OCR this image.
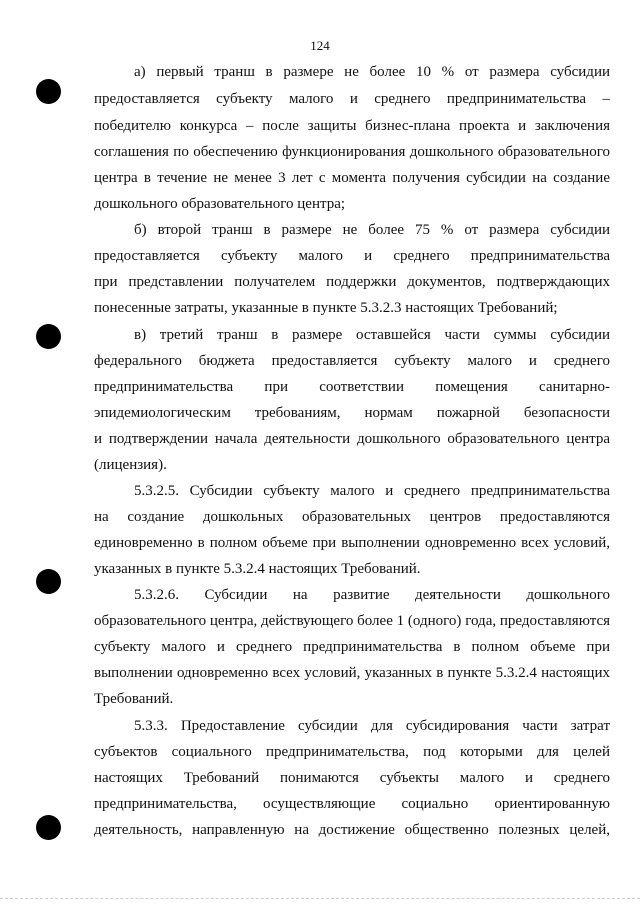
124
а) первый транш в размере не более 10 % от размера субсидии
предоставляется субъекту малого и среднего предпринимательства –
победителю конкурса – после защиты бизнес-плана проекта и заключения
соглашения по обеспечению функционирования дошкольного образовательного
центра в течение не менее 3 лет с момента получения субсидии на создание
дошкольного образовательного центра;
б) второй транш в размере не более 75 % от размера субсидии
предоставляется субъекту малого и среднего предпринимательства
при представлении получателем поддержки документов, подтверждающих
понесенные затраты, указанные в пункте 5.3.2.3 настоящих Требований;
в) третий транш в размере оставшейся части суммы субсидии
федерального бюджета предоставляется субъекту малого и среднего
предпринимательства при соответствии помещения санитарно-
эпидемиологическим требованиям, нормам пожарной безопасности
и подтверждении начала деятельности дошкольного образовательного центра
(лицензия).
5.3.2.5. Субсидии субъекту малого и среднего предпринимательства
на создание дошкольных образовательных центров предоставляются
единовременно в полном объеме при выполнении одновременно всех условий,
указанных в пункте 5.3.2.4 настоящих Требований.
5.3.2.6. Субсидии на развитие деятельности дошкольного
образовательного центра, действующего более 1 (одного) года, предоставляются
субъекту малого и среднего предпринимательства в полном объеме при
выполнении одновременно всех условий, указанных в пункте 5.3.2.4 настоящих
Требований.
5.3.3. Предоставление субсидии для субсидирования части затрат
субъектов социального предпринимательства, под которыми для целей
настоящих Требований понимаются субъекты малого и среднего
предпринимательства, осуществляющие социально ориентированную
деятельность, направленную на достижение общественно полезных целей,
